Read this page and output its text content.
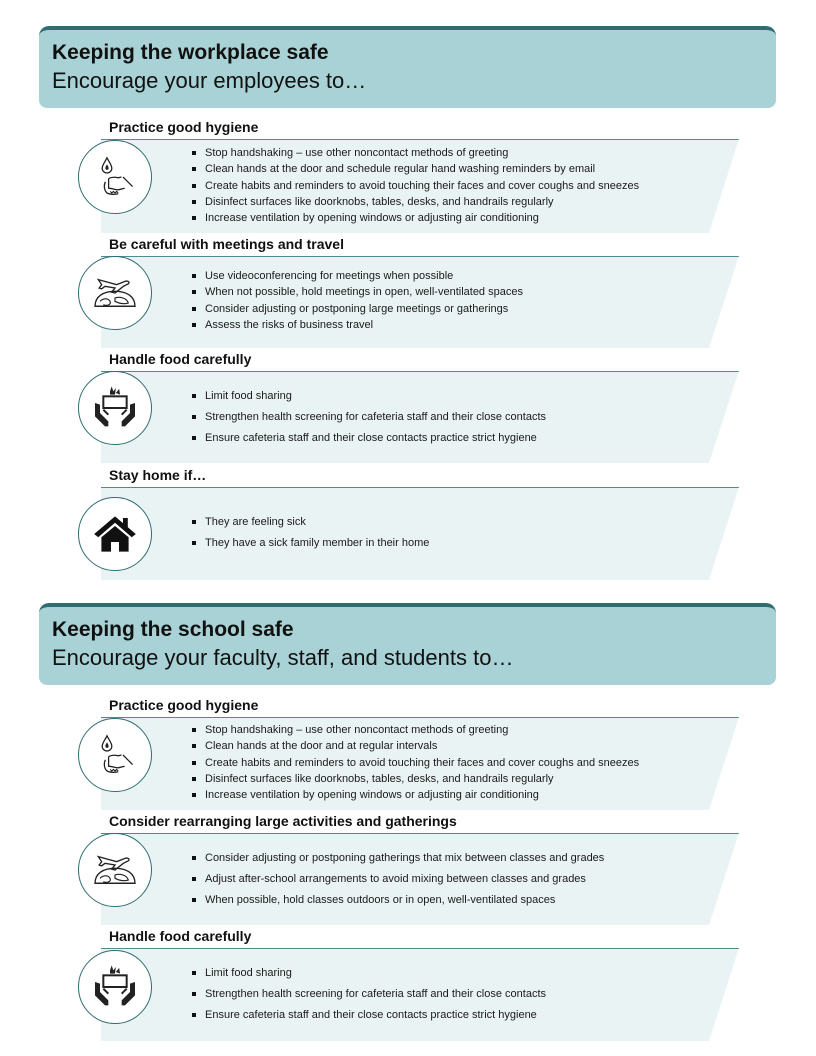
Keeping the workplace safe
Encourage your employees to…
Practice good hygiene
Stop handshaking – use other noncontact methods of greeting
Clean hands at the door and schedule regular hand washing reminders by email
Create habits and reminders to avoid touching their faces and cover coughs and sneezes
Disinfect surfaces like doorknobs, tables, desks, and handrails regularly
Increase ventilation by opening windows or adjusting air conditioning
Be careful with meetings and travel
Use videoconferencing for meetings when possible
When not possible, hold meetings in open, well-ventilated spaces
Consider adjusting or postponing large meetings or gatherings
Assess the risks of business travel
Handle food carefully
Limit food sharing
Strengthen health screening for cafeteria staff and their close contacts
Ensure cafeteria staff and their close contacts practice strict hygiene
Stay home if…
They are feeling sick
They have a sick family member in their home
Keeping the school safe
Encourage your faculty, staff, and students to…
Practice good hygiene
Stop handshaking – use other noncontact methods of greeting
Clean hands at the door and at regular intervals
Create habits and reminders to avoid touching their faces and cover coughs and sneezes
Disinfect surfaces like doorknobs, tables, desks, and handrails regularly
Increase ventilation by opening windows or adjusting air conditioning
Consider rearranging large activities and gatherings
Consider adjusting or postponing gatherings that mix between classes and grades
Adjust after-school arrangements to avoid mixing between classes and grades
When possible, hold classes outdoors or in open, well-ventilated spaces
Handle food carefully
Limit food sharing
Strengthen health screening for cafeteria staff and their close contacts
Ensure cafeteria staff and their close contacts practice strict hygiene
